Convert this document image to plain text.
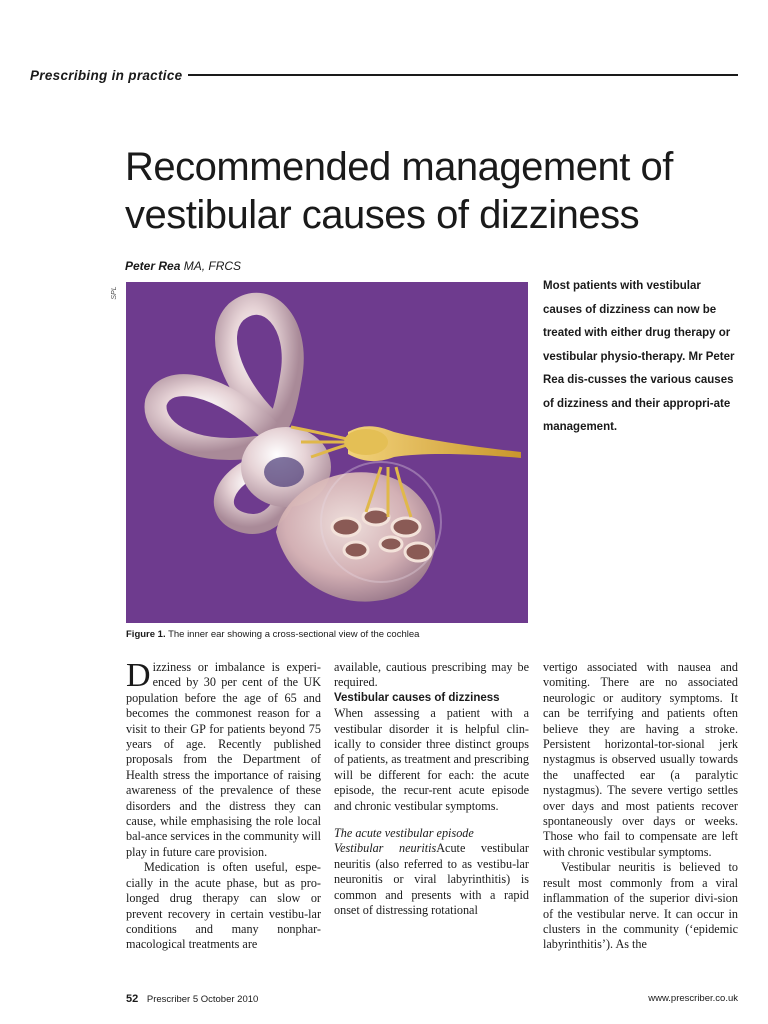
Prescribing in practice
Recommended management of
vestibular causes of dizziness
Peter Rea MA, FRCS
SPL
Figure 1. The inner ear showing a cross-sectional view of the cochlea
Most patients with vestibular causes of dizziness can now be treated with either drug therapy or vestibular physio-therapy. Mr Peter Rea dis-cusses the various causes of dizziness and their appropri-ate management.

Dizziness or imbalance is experi-enced by 30 per cent of the UK population before the age of 65 and becomes the commonest reason for a visit to their GP for patients beyond 75 years of age. Recently published proposals from the Department of Health stress the importance of raising awareness of the prevalence of these disorders and the distress they can cause, while emphasising the role local bal-ance services in the community will play in future care provision.

Medication is often useful, espe-cially in the acute phase, but as pro-longed drug therapy can slow or prevent recovery in certain vestibu-lar conditions and many nonphar-macological treatments are

available, cautious prescribing may be required.

Vestibular causes of dizziness

When assessing a patient with a vestibular disorder it is helpful clin-ically to consider three distinct groups of patients, as treatment and prescribing will be different for each: the acute episode, the recur-rent acute episode and chronic vestibular symptoms.

The acute vestibular episode

Vestibular neuritisAcute vestibular neuritis (also referred to as vestibu-lar neuronitis or viral labyrinthitis) is common and presents with a rapid onset of distressing rotational

vertigo associated with nausea and vomiting. There are no associated neurologic or auditory symptoms. It can be terrifying and patients often believe they are having a stroke. Persistent horizontal-tor-sional jerk nystagmus is observed usually towards the unaffected ear (a paralytic nystagmus). The severe vertigo settles over days and most patients recover spontaneously over days or weeks. Those who fail to compensate are left with chronic vestibular symptoms.

Vestibular neuritis is believed to result most commonly from a viral inflammation of the superior divi-sion of the vestibular nerve. It can occur in clusters in the community (‘epidemic labyrinthitis’). As the

52 Prescriber 5 October 2010	www.prescriber.co.uk
